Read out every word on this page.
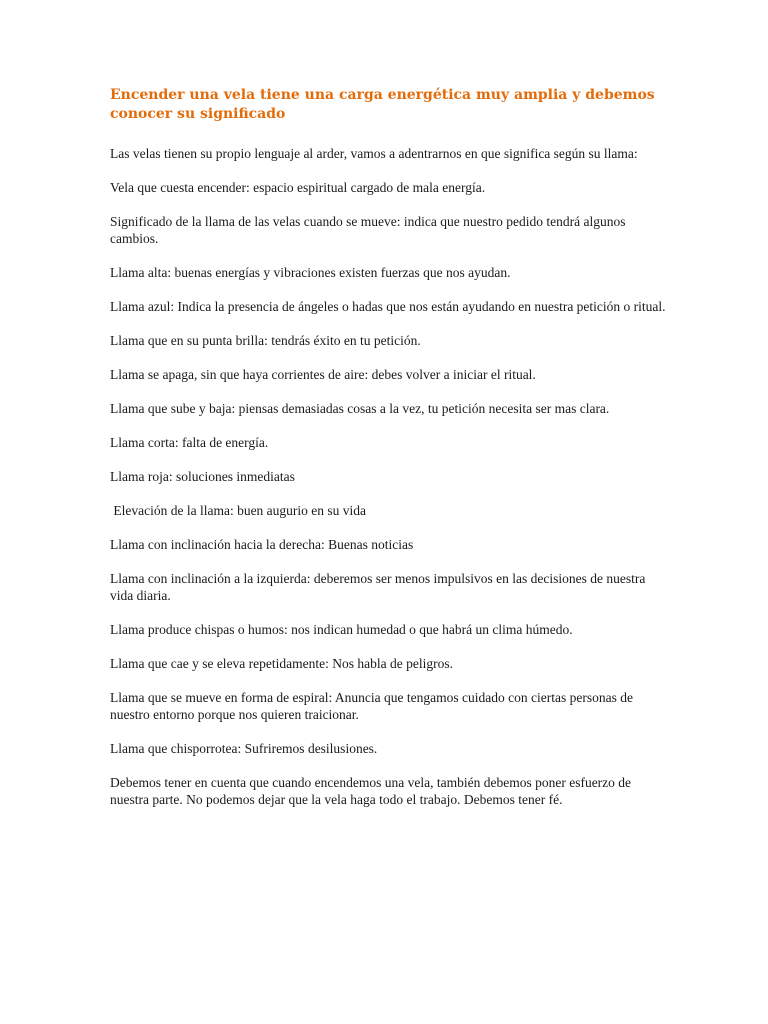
Encender una vela tiene una carga energética muy amplia y debemos conocer su significado

Las velas tienen su propio lenguaje al arder, vamos a adentrarnos en que significa según su llama:

Vela que cuesta encender: espacio espiritual cargado de mala energía.

Significado de la llama de las velas cuando se mueve: indica que nuestro pedido tendrá algunos cambios.

Llama alta: buenas energías y vibraciones existen fuerzas que nos ayudan.

Llama azul: Indica la presencia de ángeles o hadas que nos están ayudando en nuestra petición o ritual.

Llama que en su punta brilla: tendrás éxito en tu petición.

Llama se apaga, sin que haya corrientes de aire: debes volver a iniciar el ritual.

Llama que sube y baja: piensas demasiadas cosas a la vez, tu petición necesita ser mas clara.

Llama corta: falta de energía.

Llama roja: soluciones inmediatas

Elevación de la llama: buen augurio en su vida

Llama con inclinación hacia la derecha: Buenas noticias

Llama con inclinación a la izquierda: deberemos ser menos impulsivos en las decisiones de nuestra vida diaria.

Llama produce chispas o humos: nos indican humedad o que habrá un clima húmedo.

Llama que cae y se eleva repetidamente: Nos habla de peligros.

Llama que se mueve en forma de espiral: Anuncia que tengamos cuidado con ciertas personas de nuestro entorno porque nos quieren traicionar.

Llama que chisporrotea: Sufriremos desilusiones.

Debemos tener en cuenta que cuando encendemos una vela, también debemos poner esfuerzo de nuestra parte. No podemos dejar que la vela haga todo el trabajo. Debemos tener fé.
